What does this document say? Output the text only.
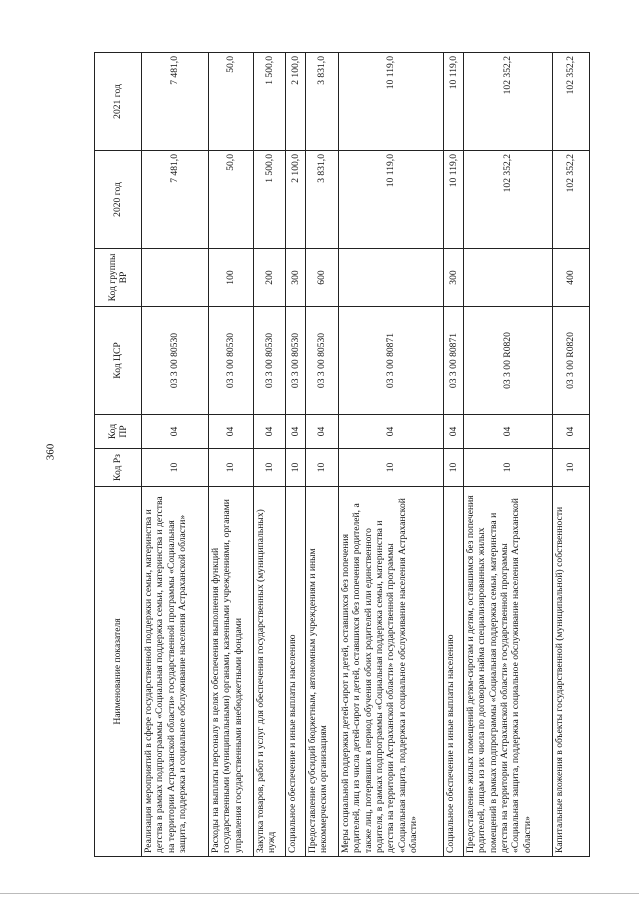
360
Наименование показателя	Код Рз	Код ПР	Код ЦСР	Код группы ВР	2020 год	2021 год
Реализация мероприятий в сфере государственной поддержки семьи, материнства и детства в рамках подпрограммы «Социальная поддержка семьи, материнства и детства на территории Астраханской области» государственной программы «Социальная защита, поддержка и социальное обслуживание населения Астраханской области»	10	04	03 3 00 80530		7 481,0	7 481,0
Расходы на выплаты персоналу в целях обеспечения выполнения функций государственными (муниципальными) органами, казенными учреждениями, органами управления государственными внебюджетными фондами	10	04	03 3 00 80530	100	50,0	50,0
Закупка товаров, работ и услуг для обеспечения государственных (муниципальных) нужд	10	04	03 3 00 80530	200	1 500,0	1 500,0
Социальное обеспечение и иные выплаты населению	10	04	03 3 00 80530	300	2 100,0	2 100,0
Предоставление субсидий бюджетным, автономным учреждениям и иным некоммерческим организациям	10	04	03 3 00 80530	600	3 831,0	3 831,0
Меры социальной поддержки детей-сирот и детей, оставшихся без попечения родителей, лиц из числа детей-сирот и детей, оставшихся без попечения родителей, а также лиц, потерявших в период обучения обоих родителей или единственного родителя, в рамках подпрограммы «Социальная поддержка семьи, материнства и детства на территории Астраханской области» государственной программы «Социальная защита, поддержка и социальное обслуживание населения Астраханской области»	10	04	03 3 00 80871		10 119,0	10 119,0
Социальное обеспечение и иные выплаты населению	10	04	03 3 00 80871	300	10 119,0	10 119,0
Предоставление жилых помещений детям-сиротам и детям, оставшимся без попечения родителей, лицам из их числа по договорам найма специализированных жилых помещений в рамках подпрограммы «Социальная поддержка семьи, материнства и детства на территории Астраханской области» государственной программы «Социальная защита, поддержка и социальное обслуживание населения Астраханской области»	10	04	03 3 00 R0820		102 352,2	102 352,2
Капитальные вложения в объекты государственной (муниципальной) собственности	10	04	03 3 00 R0820	400	102 352,2	102 352,2
